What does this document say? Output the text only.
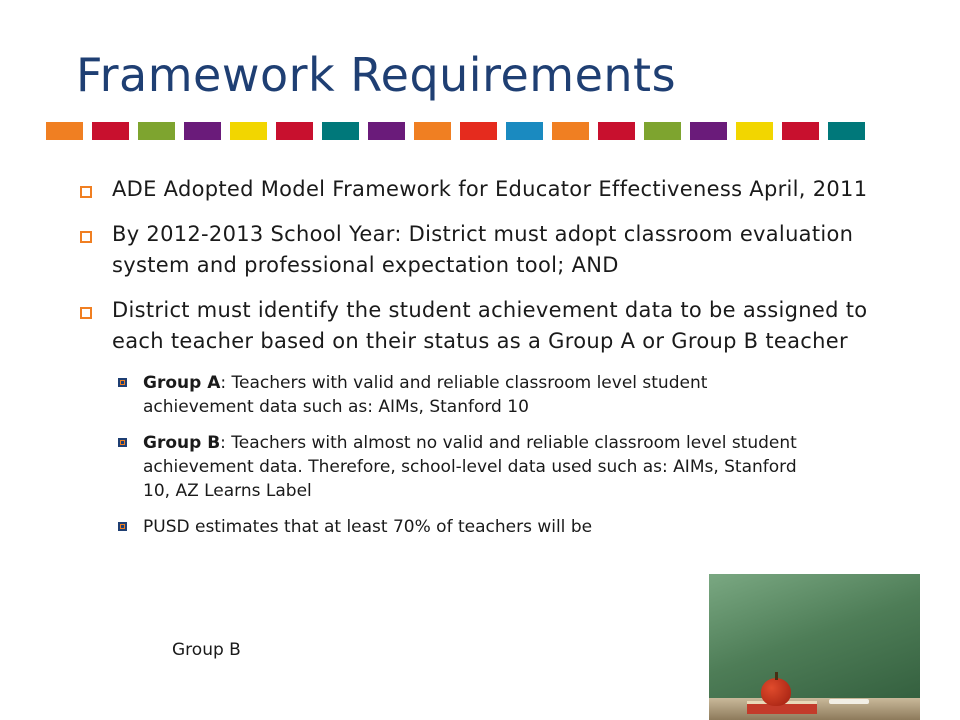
Framework Requirements
ADE Adopted Model Framework for Educator Effectiveness April, 2011
By 2012-2013 School Year: District must adopt classroom evaluation system and professional expectation tool; AND
District must identify the student achievement data to be assigned to each teacher based on their status as a Group A or Group B teacher
Group A: Teachers with valid and reliable classroom level student achievement data such as: AIMs, Stanford 10
Group B: Teachers with almost no valid and reliable classroom level student achievement data. Therefore, school-level data used such as: AIMs, Stanford 10, AZ Learns Label
PUSD estimates that at least 70% of teachers will be
Group B
